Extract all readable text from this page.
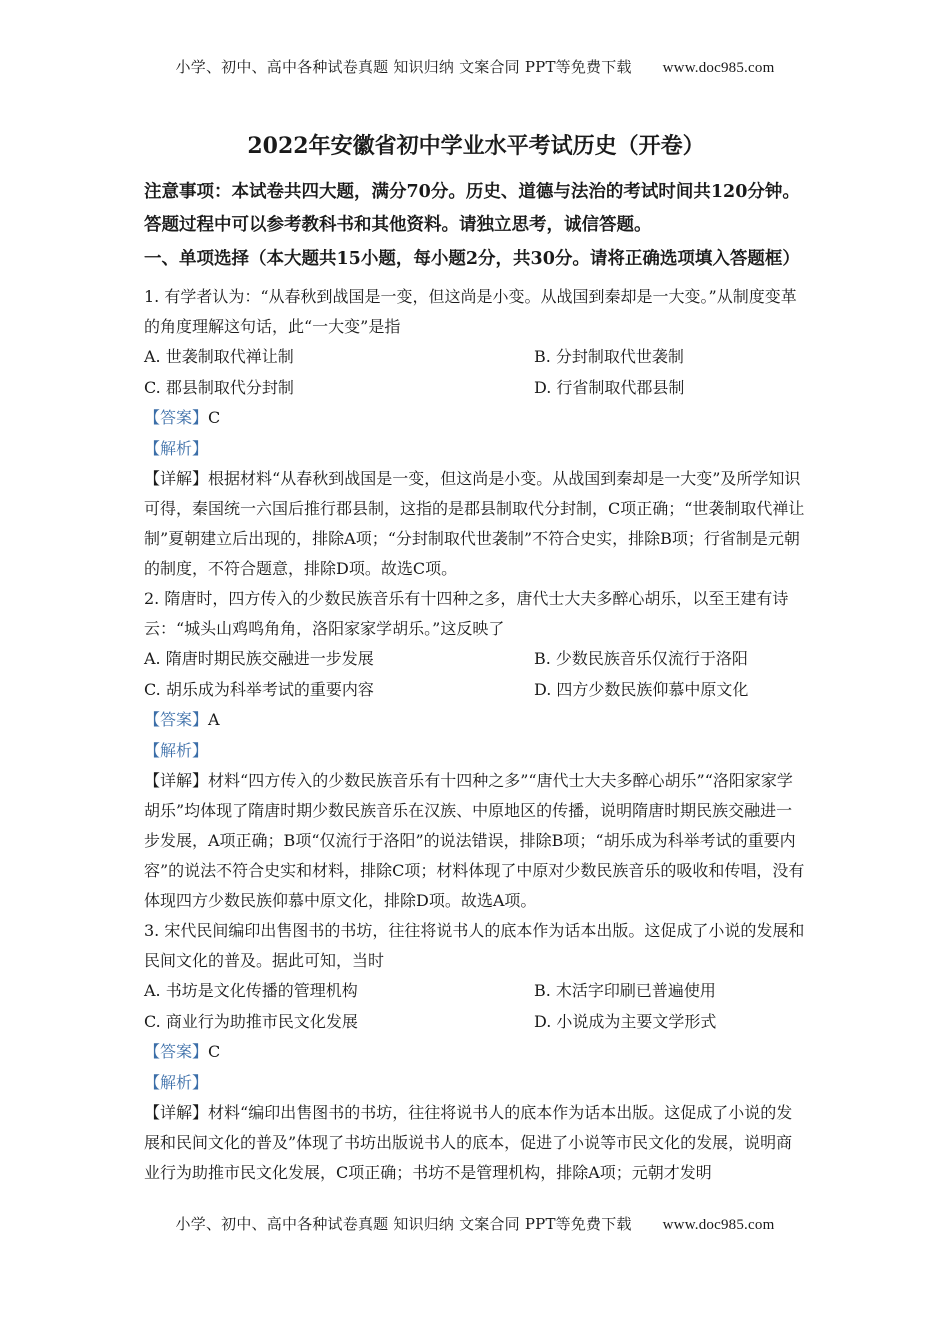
小学、初中、高中各种试卷真题 知识归纳 文案合同 PPT等免费下载 www.doc985.com
2022年安徽省初中学业水平考试历史（开卷）

注意事项：本试卷共四大题，满分70分。历史、道德与法治的考试时间共120分钟。答题过程中可以参考教科书和其他资料。请独立思考，诚信答题。

一、单项选择（本大题共15小题，每小题2分，共30分。请将正确选项填入答题框）

1. 有学者认为：“从春秋到战国是一变，但这尚是小变。从战国到秦却是一大变。”从制度变革的角度理解这句话，此“一大变”是指

A. 世袭制取代禅让制	B. 分封制取代世袭制
C. 郡县制取代分封制	D. 行省制取代郡县制

【答案】C

【解析】

【详解】根据材料“从春秋到战国是一变，但这尚是小变。从战国到秦却是一大变”及所学知识可得，秦国统一六国后推行郡县制，这指的是郡县制取代分封制，C项正确；“世袭制取代禅让制”夏朝建立后出现的，排除A项；“分封制取代世袭制”不符合史实，排除B项；行省制是元朝的制度，不符合题意，排除D项。故选C项。

2. 隋唐时，四方传入的少数民族音乐有十四种之多，唐代士大夫多醉心胡乐，以至王建有诗云：“城头山鸡鸣角角，洛阳家家学胡乐。”这反映了

A. 隋唐时期民族交融进一步发展	B. 少数民族音乐仅流行于洛阳
C. 胡乐成为科举考试的重要内容	D. 四方少数民族仰慕中原文化

【答案】A

【解析】

【详解】材料“四方传入的少数民族音乐有十四种之多”“唐代士大夫多醉心胡乐”“洛阳家家学胡乐”均体现了隋唐时期少数民族音乐在汉族、中原地区的传播，说明隋唐时期民族交融进一步发展，A项正确；B项“仅流行于洛阳”的说法错误，排除B项；“胡乐成为科举考试的重要内容”的说法不符合史实和材料，排除C项；材料体现了中原对少数民族音乐的吸收和传唱，没有体现四方少数民族仰慕中原文化，排除D项。故选A项。

3. 宋代民间编印出售图书的书坊，往往将说书人的底本作为话本出版。这促成了小说的发展和民间文化的普及。据此可知，当时

A. 书坊是文化传播的管理机构	B. 木活字印刷已普遍使用
C. 商业行为助推市民文化发展	D. 小说成为主要文学形式

【答案】C

【解析】

【详解】材料“编印出售图书的书坊，往往将说书人的底本作为话本出版。这促成了小说的发展和民间文化的普及”体现了书坊出版说书人的底本，促进了小说等市民文化的发展，说明商业行为助推市民文化发展，C项正确；书坊不是管理机构，排除A项；元朝才发明

小学、初中、高中各种试卷真题 知识归纳 文案合同 PPT等免费下载 www.doc985.com
